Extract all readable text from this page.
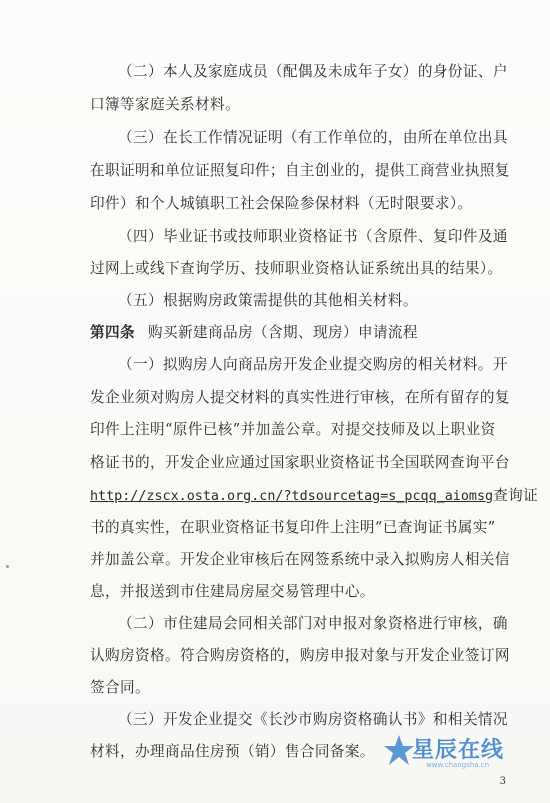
（二）本人及家庭成员（配偶及未成年子女）的身份证、户
口簿等家庭关系材料。
（三）在长工作情况证明（有工作单位的，由所在单位出具
在职证明和单位证照复印件；自主创业的，提供工商营业执照复
印件）和个人城镇职工社会保险参保材料（无时限要求）。
（四）毕业证书或技师职业资格证书（含原件、复印件及通
过网上或线下查询学历、技师职业资格认证系统出具的结果）。
（五）根据购房政策需提供的其他相关材料。
第四条 购买新建商品房（含期、现房）申请流程
（一）拟购房人向商品房开发企业提交购房的相关材料。开
发企业须对购房人提交材料的真实性进行审核，在所有留存的复
印件上注明“原件已核”并加盖公章。对提交技师及以上职业资
格证书的，开发企业应通过国家职业资格证书全国联网查询平台
http://zscx.osta.org.cn/?tdsourcetag=s_pcqq_aiomsg查询证
书的真实性，在职业资格证书复印件上注明“已查询证书属实”
并加盖公章。开发企业审核后在网签系统中录入拟购房人相关信
息，并报送到市住建局房屋交易管理中心。
（二）市住建局会同相关部门对申报对象资格进行审核，确
认购房资格。符合购房资格的，购房申报对象与开发企业签订网
签合同。
（三）开发企业提交《长沙市购房资格确认书》和相关情况
材料，办理商品住房预（销）售合同备案。	星辰在线
www.changsha.cn
3
